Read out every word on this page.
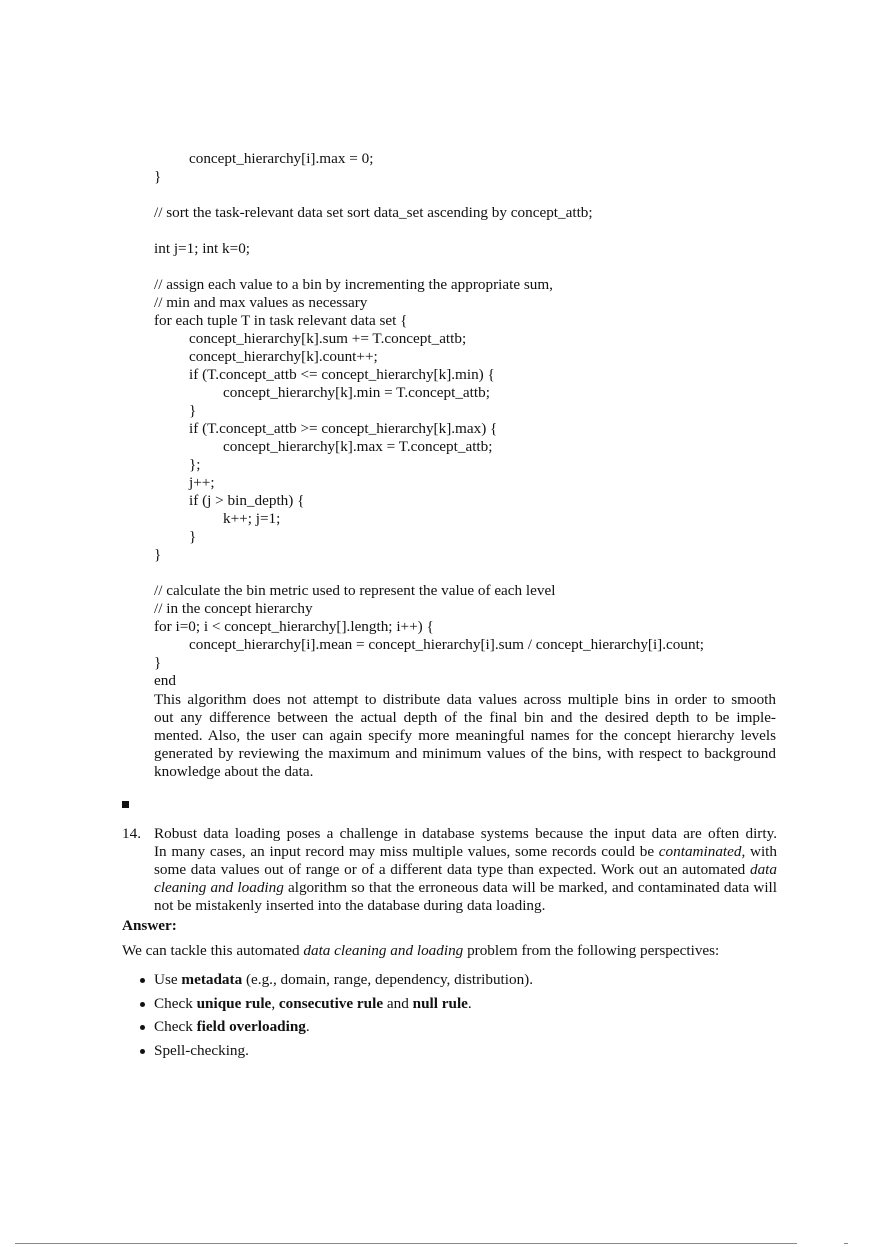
concept_hierarchy[i].max = 0;
}
// sort the task-relevant data set sort data_set ascending by concept_attb;
int j=1; int k=0;
// assign each value to a bin by incrementing the appropriate sum,
// min and max values as necessary
for each tuple T in task relevant data set {
concept_hierarchy[k].sum += T.concept_attb;
concept_hierarchy[k].count++;
if (T.concept_attb <= concept_hierarchy[k].min) {
concept_hierarchy[k].min = T.concept_attb;
}
if (T.concept_attb >= concept_hierarchy[k].max) {
concept_hierarchy[k].max = T.concept_attb;
};
j++;
if (j > bin_depth) {
k++; j=1;
}
}
// calculate the bin metric used to represent the value of each level
// in the concept hierarchy
for i=0; i < concept_hierarchy[].length; i++) {
concept_hierarchy[i].mean = concept_hierarchy[i].sum / concept_hierarchy[i].count;
}
end
This algorithm does not attempt to distribute data values across multiple bins in order to smooth
out any difference between the actual depth of the final bin and the desired depth to be imple-
mented. Also, the user can again specify more meaningful names for the concept hierarchy levels
generated by reviewing the maximum and minimum values of the bins, with respect to background
knowledge about the data.
14. Robust data loading poses a challenge in database systems because the input data are often dirty.
In many cases, an input record may miss multiple values, some records could be contaminated, with
some data values out of range or of a different data type than expected. Work out an automated data
cleaning and loading algorithm so that the erroneous data will be marked, and contaminated data will
not be mistakenly inserted into the database during data loading.
Answer:
We can tackle this automated data cleaning and loading problem from the following perspectives:
Use metadata (e.g., domain, range, dependency, distribution).
Check unique rule, consecutive rule and null rule.
Check field overloading.
Spell-checking.
